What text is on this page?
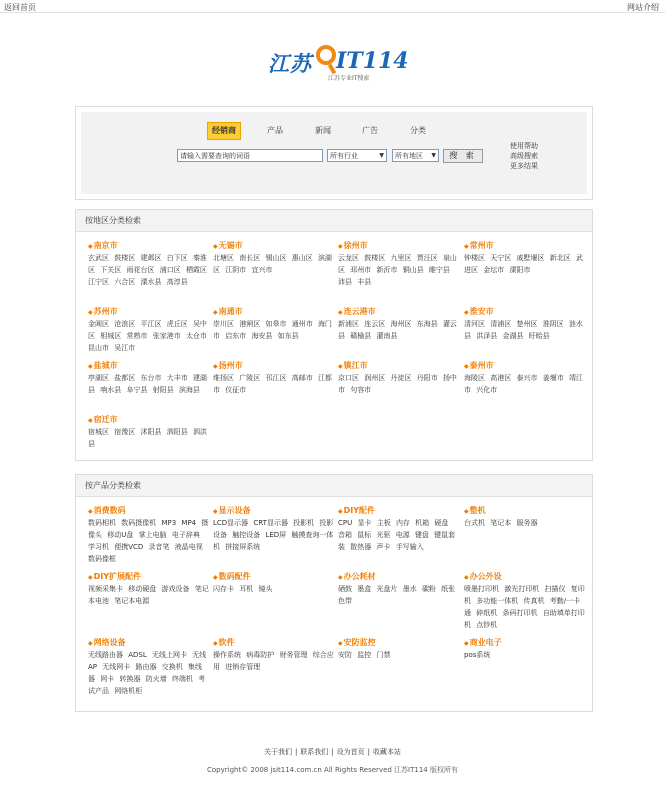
返回首页	网站介绍
江苏 IT114
江苏专业IT搜索
经销商	产品	新闻	广告	分类
请输入需要查询的词语	所有行业	▼	所有地区 ▼	搜 索
使用帮助
高级搜索
更多结果
按地区分类检索
◆南京市
玄武区 鼓楼区 建邺区 白下区 秦淮区 下关区 雨花台区 浦口区 栖霞区 江宁区 六合区 溧水县 高淳县
◆无锡市
北塘区 南长区 锡山区 惠山区 滨湖区 江阴市 宜兴市
◆徐州市
云龙区 鼓楼区 九里区 贾汪区 泉山区 邳州市 新沂市 铜山县 睢宁县 沛县 丰县
◆常州市
钟楼区 天宁区 戚墅堰区 新北区 武进区 金坛市 溧阳市
◆苏州市
金阊区 沧浪区 平江区 虎丘区 吴中区 相城区 常熟市 张家港市 太仓市 昆山市 吴江市
◆南通市
崇川区 港闸区 如皋市 通州市 海门市 启东市 海安县 如东县
◆连云港市
新浦区 连云区 海州区 东海县 灌云县 赣榆县 灌南县
◆淮安市
清河区 清浦区 楚州区 淮阴区 涟水县 洪泽县 金湖县 盱眙县
◆盐城市
亭湖区 盐都区 东台市 大丰市 建湖县 响水县 阜宁县 射阳县 滨海县
◆扬州市
维扬区 广陵区 邗江区 高邮市 江都市 仪征市
◆镇江市
京口区 润州区 丹徒区 丹阳市 扬中市 句容市
◆泰州市
海陵区 高港区 泰兴市 姜堰市 靖江市 兴化市
◆宿迁市
宿城区 宿豫区 沭阳县 泗阳县 泗洪县
按产品分类检索
◆消费数码
数码相机 数码摄像机 MP3 MP4 摄像头 移动U盘 掌上电脑 电子辞典 学习机 便携VCD 录音笔 液晶电视 数码像框
◆显示设备
LCD显示器 CRT显示器 投影机 投影设备 触控设备 LED屏 触摸查询一体机 拼接屏系统
◆DIY配件
CPU 显卡 主板 内存 机箱 硬盘 音箱 鼠标 光驱 电源 键盘 键鼠套装 散热器 声卡 手写输入
◆整机
台式机 笔记本 服务器
◆DIY扩展配件
视频采集卡 移动硬盘 游戏设备 笔记本电池 笔记本电源
◆数码配件
闪存卡 耳机 镜头
◆办公耗材
硒鼓 墨盒 光盘片 墨水 碳粉 纸张 色带
◆办公外设
喷墨打印机 激光打印机 扫描仪 复印机 多功能一体机 传真机 考勤/一卡通 碎纸机 条码打印机 自助填单打印机 点钞机
◆网络设备
无线路由器 ADSL 无线上网卡 无线AP 无线网卡 路由器 交换机 集线器 网卡 转换器 防火墙 终端机 考试产品 网络机柜
◆软件
操作系统 病毒防护 财务管理 综合应用 进销存管理
◆安防监控
安防 监控 门禁
◆商业电子
pos系统
关于我们 | 联系我们 | 设为首页 | 收藏本站
Copyright© 2008 jsit114.com.cn All Rights Reserved 江苏IT114 版权所有
